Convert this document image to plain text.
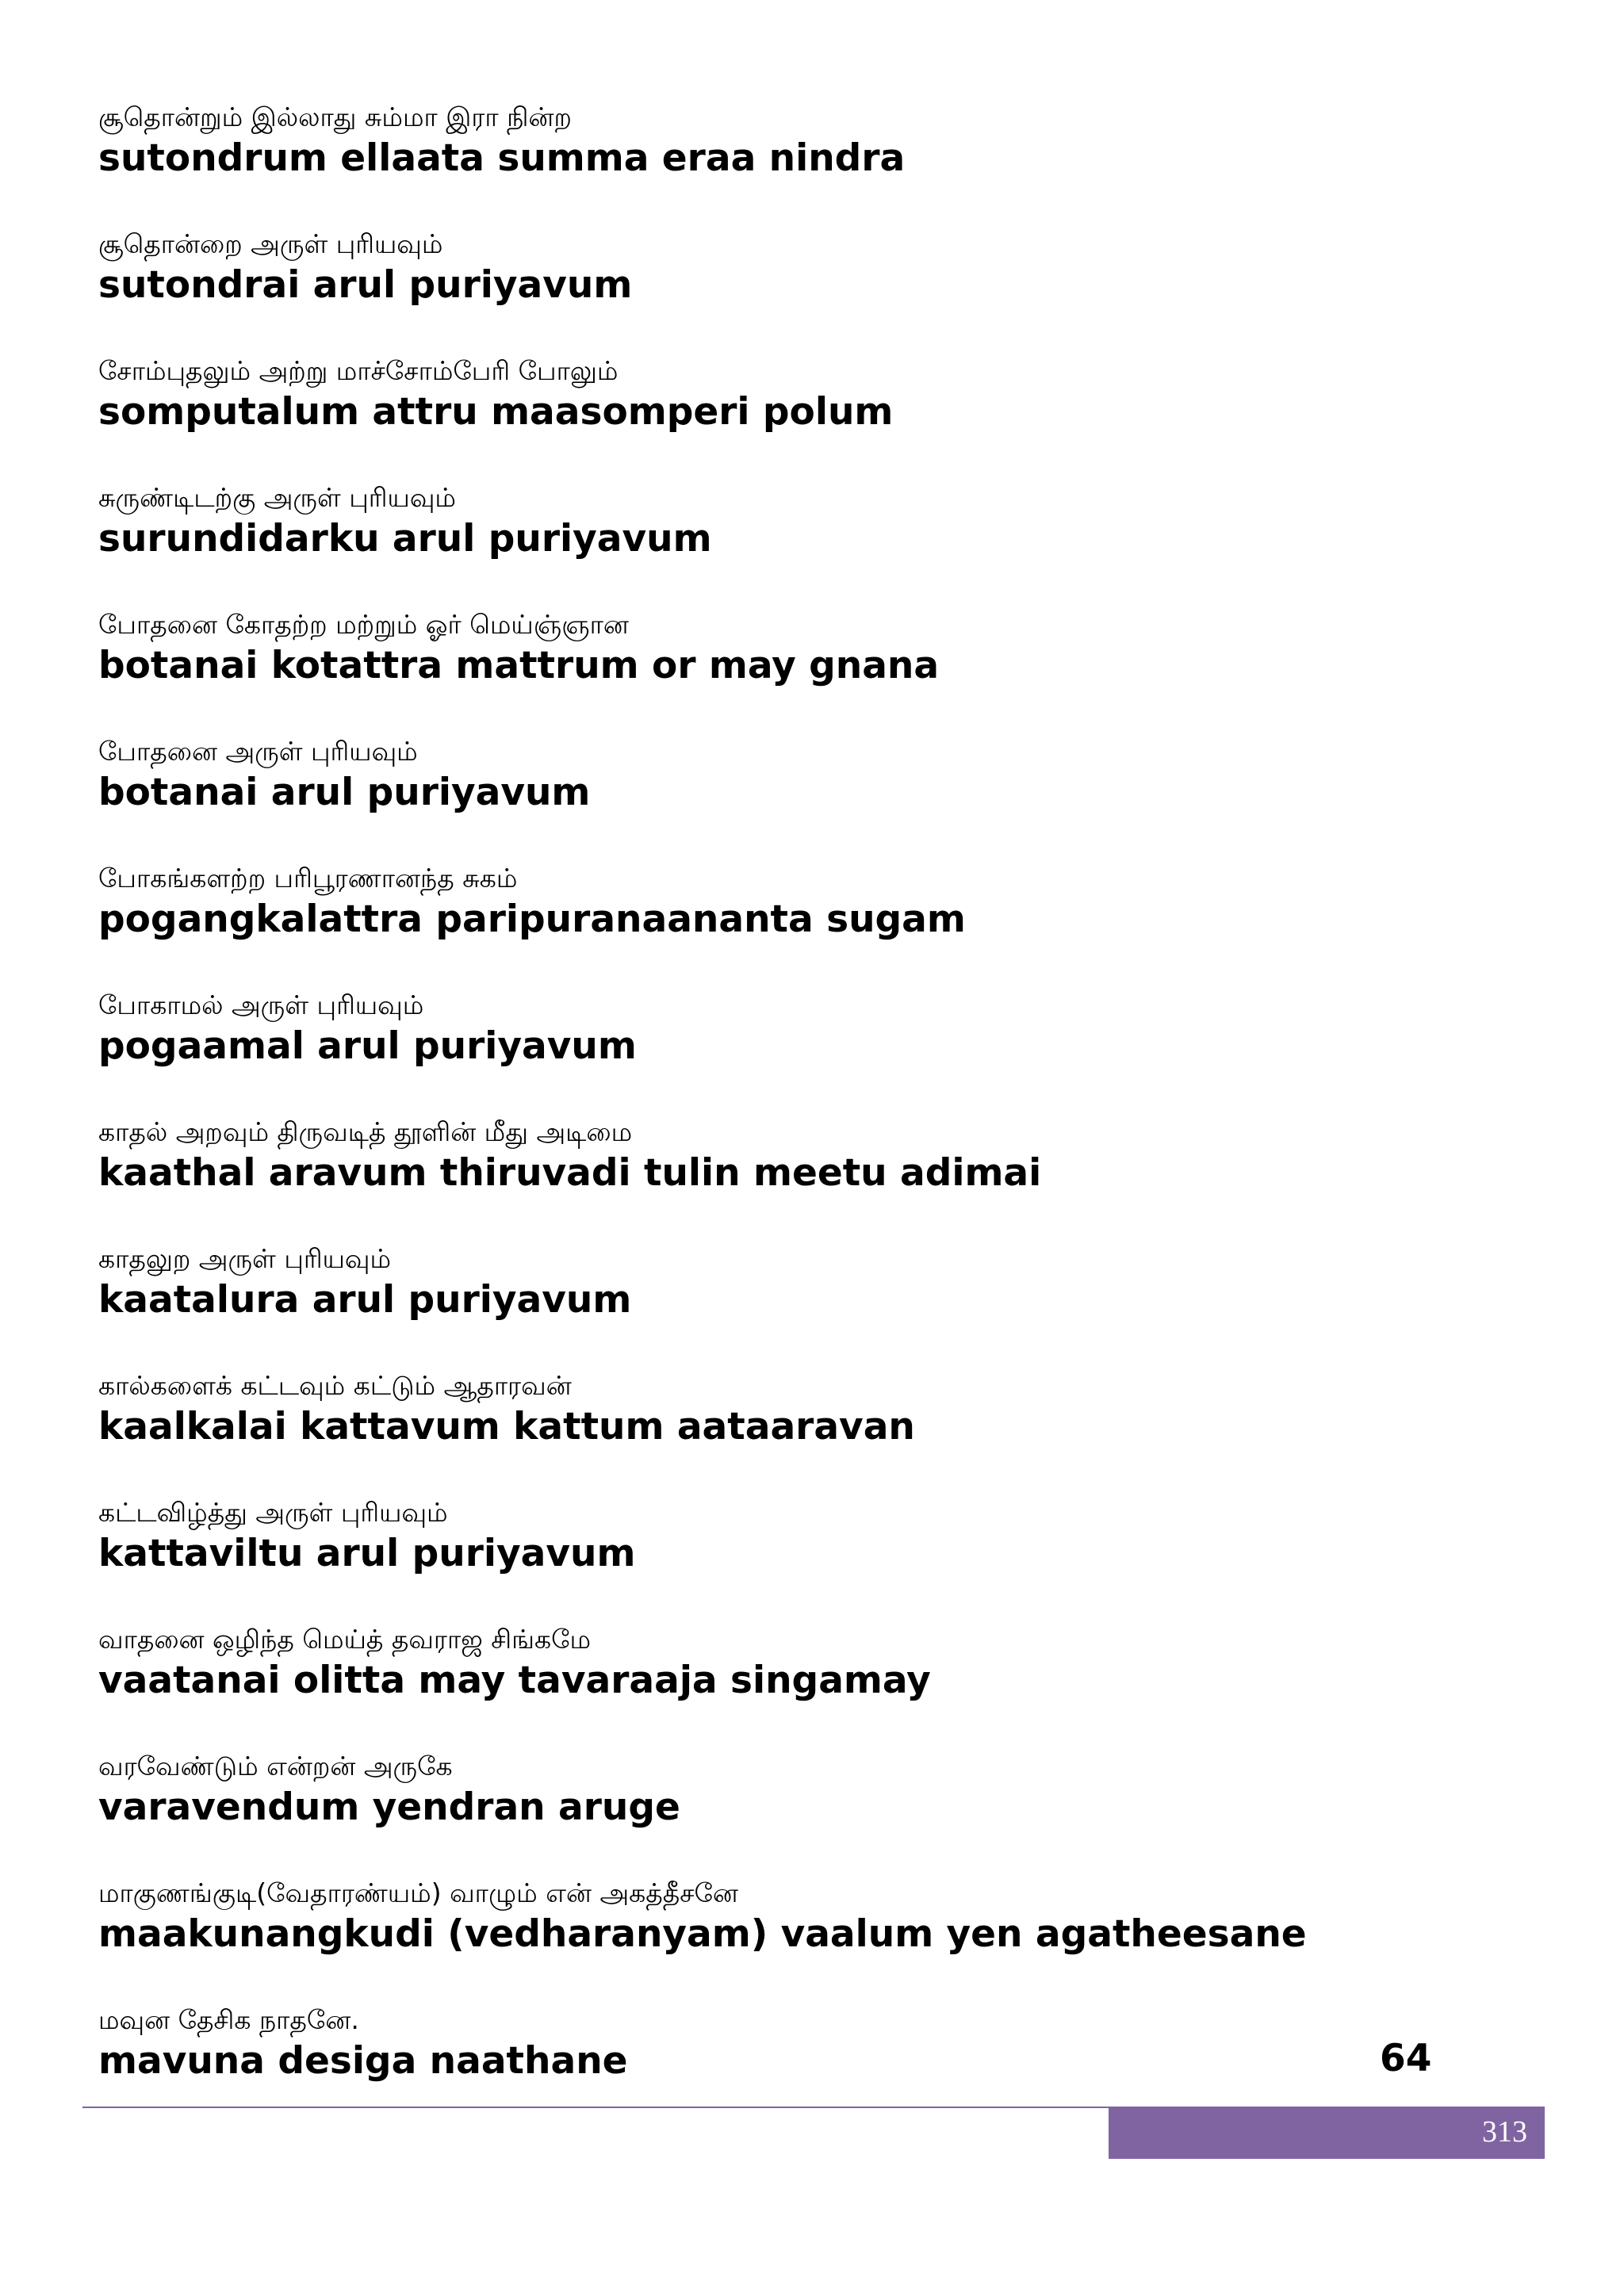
சூதொன்றும் இல்லாது சும்மா இரா நின்ற
sutondrum ellaata summa eraa nindra
சூதொன்றை அருள் புரியவும்
sutondrai arul puriyavum
சோம்புதலும் அற்று மாச்சோம்பேரி போலும்
somputalum attru maasomperi polum
சுருண்டிடற்கு அருள் புரியவும்
surundidarku arul puriyavum
போதனை கோதற்ற மற்றும் ஓர் மெய்ஞ்ஞான
botanai kotattra mattrum or may gnana
போதனை அருள் புரியவும்
botanai arul puriyavum
போகங்களற்ற பரிபூரணானந்த சுகம்
pogangkalattra paripuranaananta sugam
போகாமல் அருள் புரியவும்
pogaamal arul puriyavum
காதல் அறவும் திருவடித் தூளின் மீது அடிமை
kaathal aravum thiruvadi tulin meetu adimai
காதலுற அருள் புரியவும்
kaatalura arul puriyavum
கால்களைக் கட்டவும் கட்டும் ஆதாரவன்
kaalkalai kattavum kattum aataaravan
கட்டவிழ்த்து அருள் புரியவும்
kattaviltu arul puriyavum
வாதனை ஒழிந்த மெய்த் தவராஜ சிங்கமே
vaatanai olitta may tavaraaja singamay
வரவேண்டும் என்றன் அருகே
varavendum yendran aruge
மாகுணங்குடி(வேதாரண்யம்) வாழும் என் அகத்தீசனே
maakunangkudi (vedharanyam) vaalum yen agatheesane
மவுன தேசிக நாதனே.
mavuna desiga naathane	64
313
